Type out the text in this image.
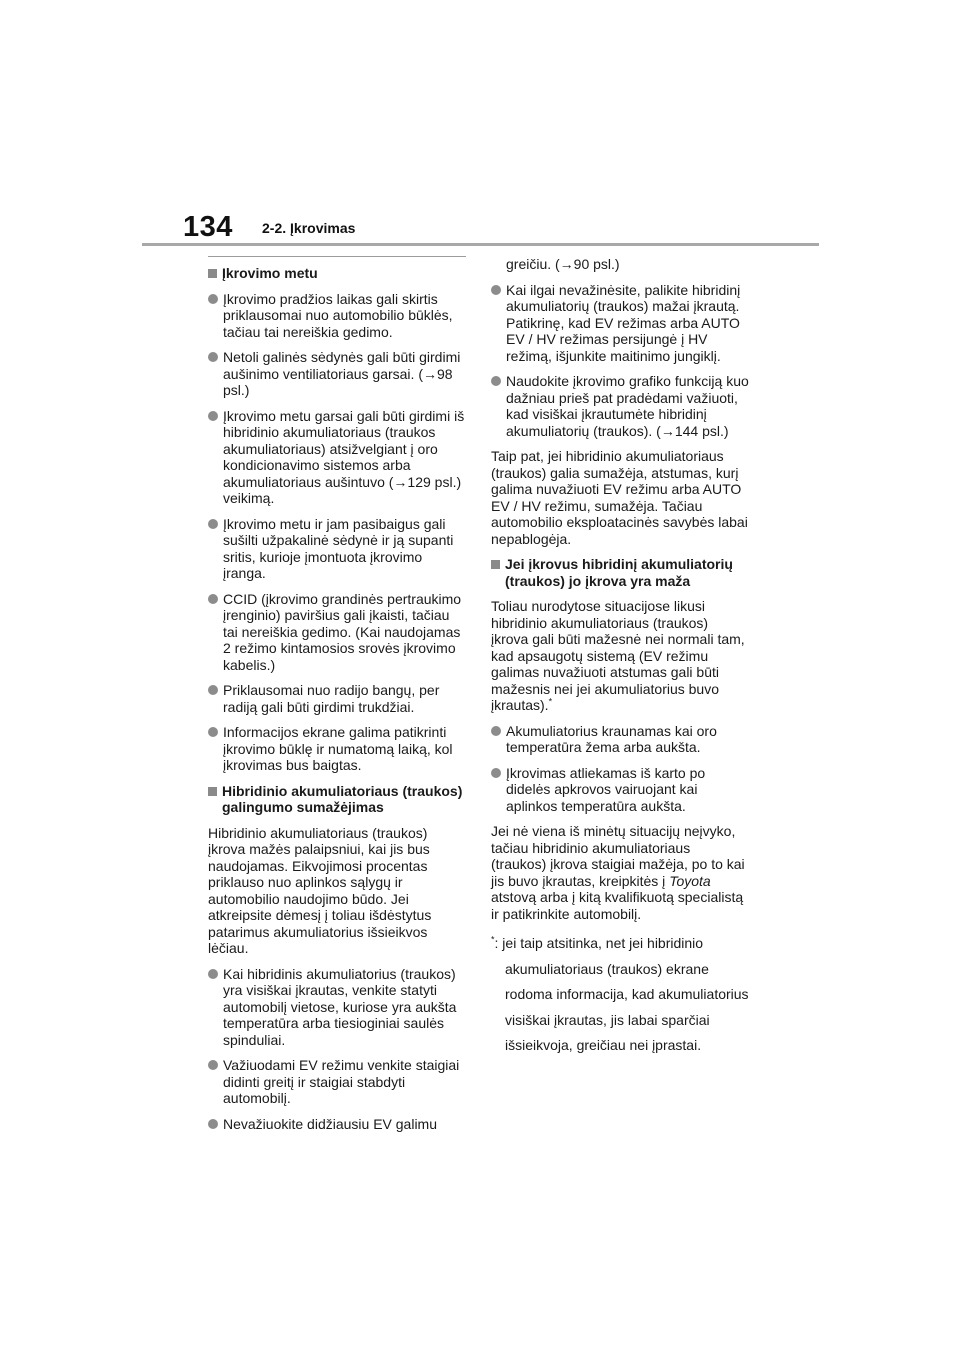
134 2-2. Įkrovimas
Įkrovimo metu
Įkrovimo pradžios laikas gali skirtis priklausomai nuo automobilio būklės, tačiau tai nereiškia gedimo.
Netoli galinės sėdynės gali būti girdimi aušinimo ventiliatoriaus garsai. (→98 psl.)
Įkrovimo metu garsai gali būti girdimi iš hibridinio akumuliatoriaus (traukos akumuliatoriaus) atsižvelgiant į oro kondicionavimo sistemos arba akumuliatoriaus aušintuvo (→129 psl.) veikimą.
Įkrovimo metu ir jam pasibaigus gali sušilti užpakalinė sėdynė ir ją supanti sritis, kurioje įmontuota įkrovimo įranga.
CCID (įkrovimo grandinės pertraukimo įrenginio) paviršius gali įkaisti, tačiau tai nereiškia gedimo. (Kai naudojamas 2 režimo kintamosios srovės įkrovimo kabelis.)
Priklausomai nuo radijo bangų, per radiją gali būti girdimi trukdžiai.
Informacijos ekrane galima patikrinti įkrovimo būklę ir numatomą laiką, kol įkrovimas bus baigtas.
Hibridinio akumuliatoriaus (traukos) galingumo sumažėjimas
Hibridinio akumuliatoriaus (traukos) įkrova mažės palaipsniui, kai jis bus naudojamas. Eikvojimosi procentas priklauso nuo aplinkos sąlygų ir automobilio naudojimo būdo. Jei atkreipsite dėmesį į toliau išdėstytus patarimus akumuliatorius išsieikvos lėčiau.
Kai hibridinis akumuliatorius (traukos) yra visiškai įkrautas, venkite statyti automobilį vietose, kuriose yra aukšta temperatūra arba tiesioginiai saulės spinduliai.
Važiuodami EV režimu venkite staigiai didinti greitį ir staigiai stabdyti automobilį.
Nevažiuokite didžiausiu EV galimu
greičiu. (→90 psl.)
Kai ilgai nevažinėsite, palikite hibridinį akumuliatorių (traukos) mažai įkrautą. Patikrinę, kad EV režimas arba AUTO EV / HV režimas persijungė į HV režimą, išjunkite maitinimo jungiklį.
Naudokite įkrovimo grafiko funkciją kuo dažniau prieš pat pradėdami važiuoti, kad visiškai įkrautumėte hibridinį akumuliatorių (traukos). (→144 psl.)
Taip pat, jei hibridinio akumuliatoriaus (traukos) galia sumažėja, atstumas, kurį galima nuvažiuoti EV režimu arba AUTO EV / HV režimu, sumažėja. Tačiau automobilio eksploatacinės savybės labai nepablogėja.
Jei įkrovus hibridinį akumuliatorių (traukos) jo įkrova yra maža
Toliau nurodytose situacijose likusi hibridinio akumuliatoriaus (traukos) įkrova gali būti mažesnė nei normali tam, kad apsaugotų sistemą (EV režimu galimas nuvažiuoti atstumas gali būti mažesnis nei jei akumuliatorius buvo įkrautas).*
Akumuliatorius kraunamas kai oro temperatūra žema arba aukšta.
Įkrovimas atliekamas iš karto po didelės apkrovos vairuojant kai aplinkos temperatūra aukšta.
Jei nė viena iš minėtų situacijų neįvyko, tačiau hibridinio akumuliatoriaus (traukos) įkrova staigiai mažėja, po to kai jis buvo įkrautas, kreipkitės į Toyota atstovą arba į kitą kvalifikuotą specialistą ir patikrinkite automobilį.
*: jei taip atsitinka, net jei hibridinio
akumuliatoriaus (traukos) ekrane rodoma informacija, kad akumuliatorius visiškai įkrautas, jis labai sparčiai išsieikvoja, greičiau nei įprastai.
